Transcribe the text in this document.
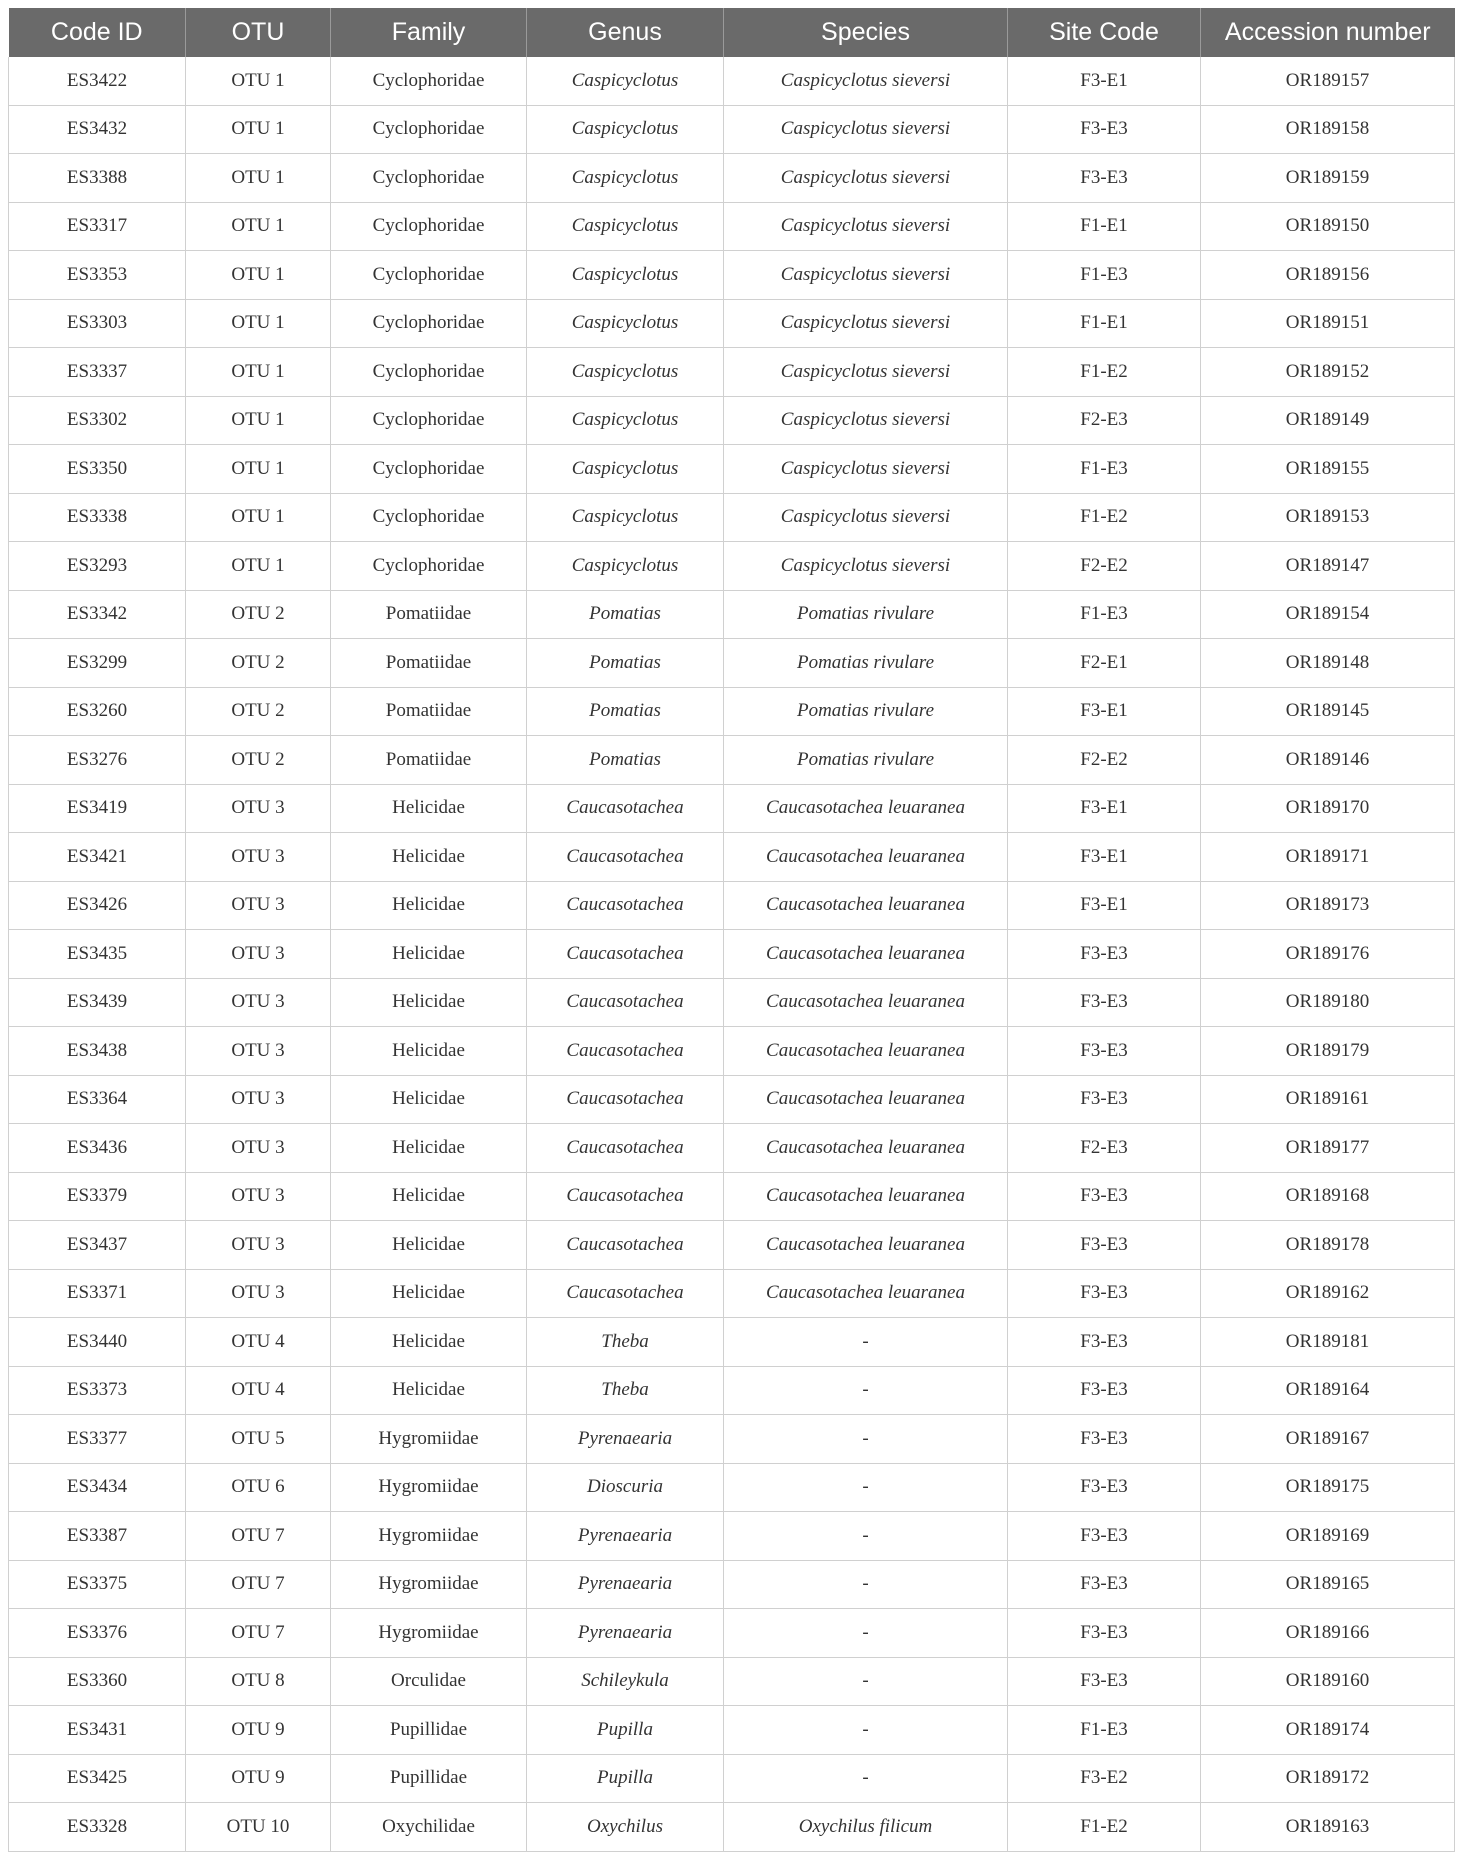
Code ID	OTU	Family	Genus	Species	Site Code	Accession number
ES3422	OTU 1	Cyclophoridae	Caspicyclotus	Caspicyclotus sieversi	F3-E1	OR189157
ES3432	OTU 1	Cyclophoridae	Caspicyclotus	Caspicyclotus sieversi	F3-E3	OR189158
ES3388	OTU 1	Cyclophoridae	Caspicyclotus	Caspicyclotus sieversi	F3-E3	OR189159
ES3317	OTU 1	Cyclophoridae	Caspicyclotus	Caspicyclotus sieversi	F1-E1	OR189150
ES3353	OTU 1	Cyclophoridae	Caspicyclotus	Caspicyclotus sieversi	F1-E3	OR189156
ES3303	OTU 1	Cyclophoridae	Caspicyclotus	Caspicyclotus sieversi	F1-E1	OR189151
ES3337	OTU 1	Cyclophoridae	Caspicyclotus	Caspicyclotus sieversi	F1-E2	OR189152
ES3302	OTU 1	Cyclophoridae	Caspicyclotus	Caspicyclotus sieversi	F2-E3	OR189149
ES3350	OTU 1	Cyclophoridae	Caspicyclotus	Caspicyclotus sieversi	F1-E3	OR189155
ES3338	OTU 1	Cyclophoridae	Caspicyclotus	Caspicyclotus sieversi	F1-E2	OR189153
ES3293	OTU 1	Cyclophoridae	Caspicyclotus	Caspicyclotus sieversi	F2-E2	OR189147
ES3342	OTU 2	Pomatiidae	Pomatias	Pomatias rivulare	F1-E3	OR189154
ES3299	OTU 2	Pomatiidae	Pomatias	Pomatias rivulare	F2-E1	OR189148
ES3260	OTU 2	Pomatiidae	Pomatias	Pomatias rivulare	F3-E1	OR189145
ES3276	OTU 2	Pomatiidae	Pomatias	Pomatias rivulare	F2-E2	OR189146
ES3419	OTU 3	Helicidae	Caucasotachea	Caucasotachea leuaranea	F3-E1	OR189170
ES3421	OTU 3	Helicidae	Caucasotachea	Caucasotachea leuaranea	F3-E1	OR189171
ES3426	OTU 3	Helicidae	Caucasotachea	Caucasotachea leuaranea	F3-E1	OR189173
ES3435	OTU 3	Helicidae	Caucasotachea	Caucasotachea leuaranea	F3-E3	OR189176
ES3439	OTU 3	Helicidae	Caucasotachea	Caucasotachea leuaranea	F3-E3	OR189180
ES3438	OTU 3	Helicidae	Caucasotachea	Caucasotachea leuaranea	F3-E3	OR189179
ES3364	OTU 3	Helicidae	Caucasotachea	Caucasotachea leuaranea	F3-E3	OR189161
ES3436	OTU 3	Helicidae	Caucasotachea	Caucasotachea leuaranea	F2-E3	OR189177
ES3379	OTU 3	Helicidae	Caucasotachea	Caucasotachea leuaranea	F3-E3	OR189168
ES3437	OTU 3	Helicidae	Caucasotachea	Caucasotachea leuaranea	F3-E3	OR189178
ES3371	OTU 3	Helicidae	Caucasotachea	Caucasotachea leuaranea	F3-E3	OR189162
ES3440	OTU 4	Helicidae	Theba	-	F3-E3	OR189181
ES3373	OTU 4	Helicidae	Theba	-	F3-E3	OR189164
ES3377	OTU 5	Hygromiidae	Pyrenaearia	-	F3-E3	OR189167
ES3434	OTU 6	Hygromiidae	Dioscuria	-	F3-E3	OR189175
ES3387	OTU 7	Hygromiidae	Pyrenaearia	-	F3-E3	OR189169
ES3375	OTU 7	Hygromiidae	Pyrenaearia	-	F3-E3	OR189165
ES3376	OTU 7	Hygromiidae	Pyrenaearia	-	F3-E3	OR189166
ES3360	OTU 8	Orculidae	Schileykula	-	F3-E3	OR189160
ES3431	OTU 9	Pupillidae	Pupilla	-	F1-E3	OR189174
ES3425	OTU 9	Pupillidae	Pupilla	-	F3-E2	OR189172
ES3328	OTU 10	Oxychilidae	Oxychilus	Oxychilus filicum	F1-E2	OR189163
